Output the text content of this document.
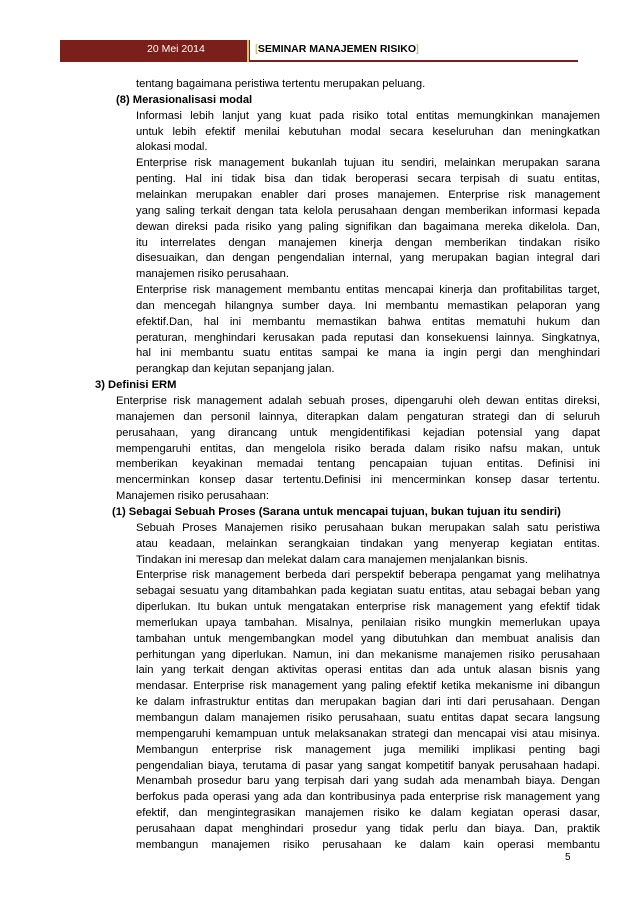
20 Mei 2014	[SEMINAR MANAJEMEN RISIKO]
tentang bagaimana peristiwa tertentu merupakan peluang.
(8) Merasionalisasi modal
Informasi lebih lanjut yang kuat pada risiko total entitas memungkinkan manajemen
untuk lebih efektif menilai kebutuhan modal secara keseluruhan dan meningkatkan
alokasi modal.
Enterprise risk management bukanlah tujuan itu sendiri, melainkan merupakan sarana
penting. Hal ini tidak bisa dan tidak beroperasi secara terpisah di suatu entitas,
melainkan merupakan enabler dari proses manajemen. Enterprise risk management
yang saling terkait dengan tata kelola perusahaan dengan memberikan informasi kepada
dewan direksi pada risiko yang paling signifikan dan bagaimana mereka dikelola. Dan,
itu interrelates dengan manajemen kinerja dengan memberikan tindakan risiko
disesuaikan, dan dengan pengendalian internal, yang merupakan bagian integral dari
manajemen risiko perusahaan.
Enterprise risk management membantu entitas mencapai kinerja dan profitabilitas target,
dan mencegah hilangnya sumber daya. Ini membantu memastikan pelaporan yang
efektif.Dan, hal ini membantu memastikan bahwa entitas mematuhi hukum dan
peraturan, menghindari kerusakan pada reputasi dan konsekuensi lainnya. Singkatnya,
hal ini membantu suatu entitas sampai ke mana ia ingin pergi dan menghindari
perangkap dan kejutan sepanjang jalan.
3) Definisi ERM
Enterprise risk management adalah sebuah proses, dipengaruhi oleh dewan entitas direksi,
manajemen dan personil lainnya, diterapkan dalam pengaturan strategi dan di seluruh
perusahaan, yang dirancang untuk mengidentifikasi kejadian potensial yang dapat
mempengaruhi entitas, dan mengelola risiko berada dalam risiko nafsu makan, untuk
memberikan keyakinan memadai tentang pencapaian tujuan entitas. Definisi ini
mencerminkan konsep dasar tertentu.Definisi ini mencerminkan konsep dasar tertentu.
Manajemen risiko perusahaan:
(1) Sebagai Sebuah Proses (Sarana untuk mencapai tujuan, bukan tujuan itu sendiri)
Sebuah Proses Manajemen risiko perusahaan bukan merupakan salah satu peristiwa
atau keadaan, melainkan serangkaian tindakan yang menyerap kegiatan entitas.
Tindakan ini meresap dan melekat dalam cara manajemen menjalankan bisnis.
Enterprise risk management berbeda dari perspektif beberapa pengamat yang melihatnya
sebagai sesuatu yang ditambahkan pada kegiatan suatu entitas, atau sebagai beban yang
diperlukan. Itu bukan untuk mengatakan enterprise risk management yang efektif tidak
memerlukan upaya tambahan. Misalnya, penilaian risiko mungkin memerlukan upaya
tambahan untuk mengembangkan model yang dibutuhkan dan membuat analisis dan
perhitungan yang diperlukan. Namun, ini dan mekanisme manajemen risiko perusahaan
lain yang terkait dengan aktivitas operasi entitas dan ada untuk alasan bisnis yang
mendasar. Enterprise risk management yang paling efektif ketika mekanisme ini dibangun
ke dalam infrastruktur entitas dan merupakan bagian dari inti dari perusahaan. Dengan
membangun dalam manajemen risiko perusahaan, suatu entitas dapat secara langsung
mempengaruhi kemampuan untuk melaksanakan strategi dan mencapai visi atau misinya.
Membangun enterprise risk management juga memiliki implikasi penting bagi
pengendalian biaya, terutama di pasar yang sangat kompetitif banyak perusahaan hadapi.
Menambah prosedur baru yang terpisah dari yang sudah ada menambah biaya. Dengan
berfokus pada operasi yang ada dan kontribusinya pada enterprise risk management yang
efektif, dan mengintegrasikan manajemen risiko ke dalam kegiatan operasi dasar,
perusahaan dapat menghindari prosedur yang tidak perlu dan biaya. Dan, praktik
membangun manajemen risiko perusahaan ke dalam kain operasi membantu
5
